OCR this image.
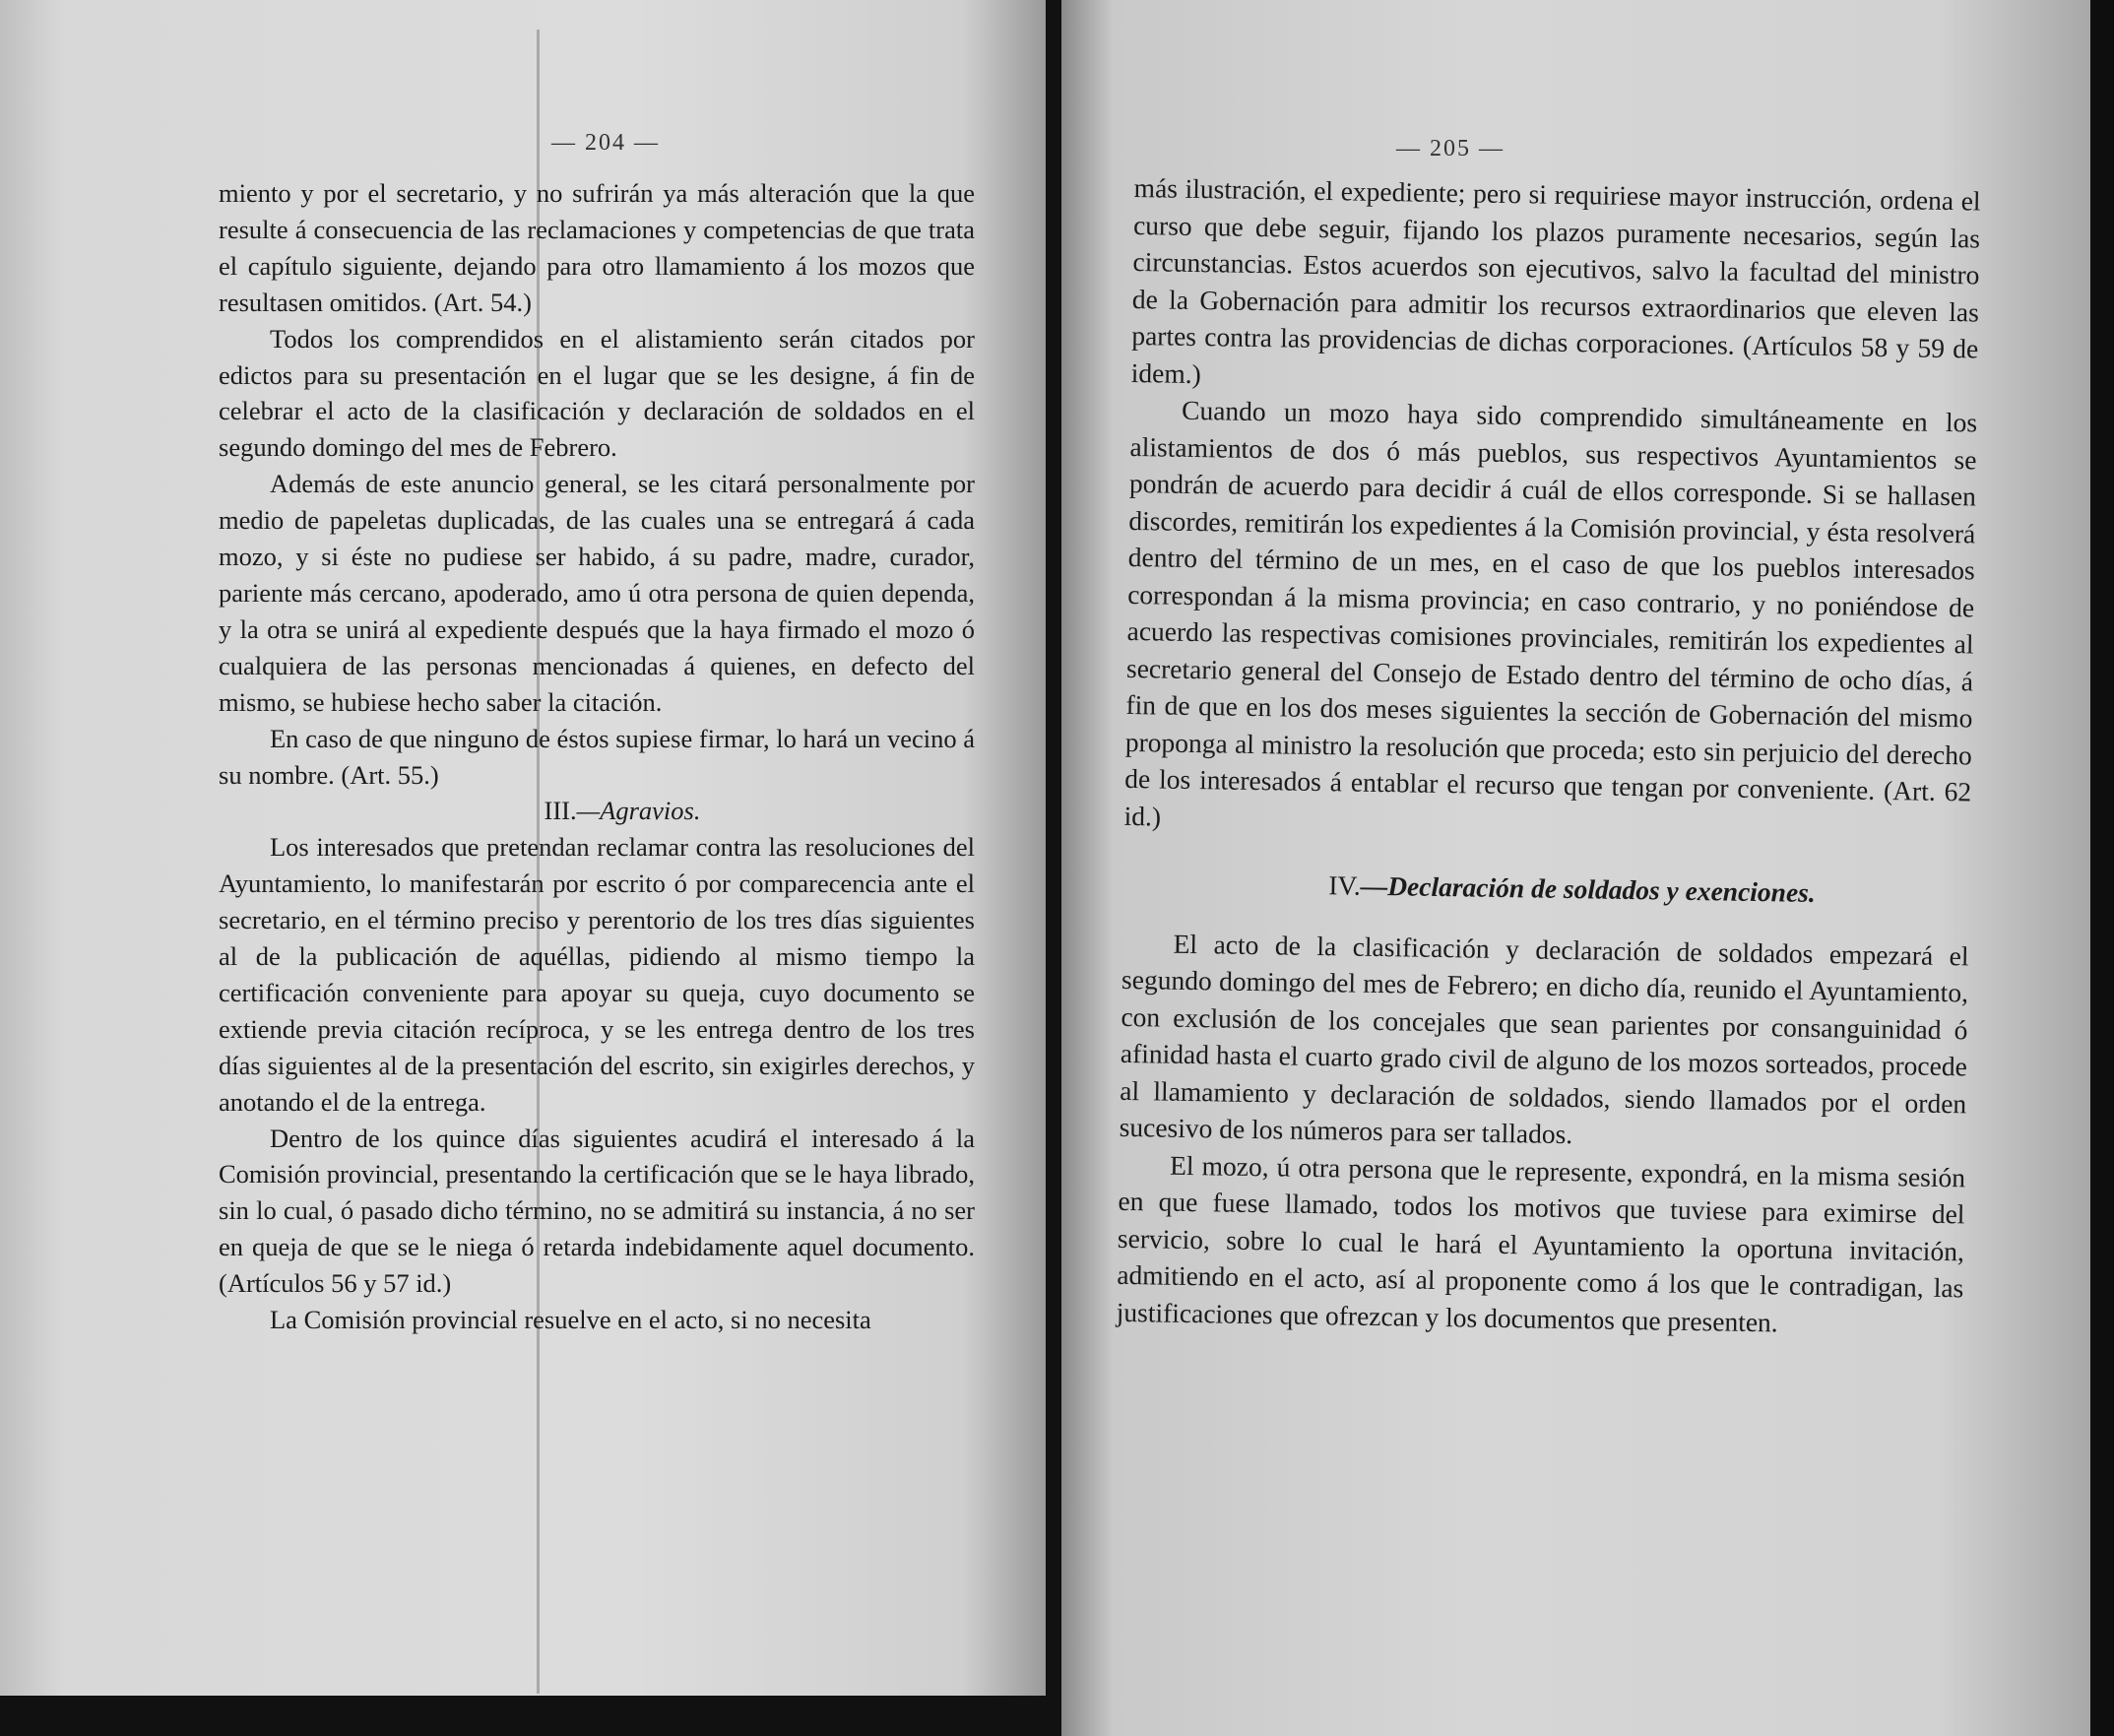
— 204 —

miento y por el secretario, y no sufrirán ya más alteración que la que resulte á consecuencia de las reclamaciones y competencias de que trata el capítulo siguiente, dejando para otro llamamiento á los mozos que resultasen omitidos. (Art. 54.)

Todos los comprendidos en el alistamiento serán citados por edictos para su presentación en el lugar que se les designe, á fin de celebrar el acto de la clasificación y declaración de soldados en el segundo domingo del mes de Febrero.

Además de este anuncio general, se les citará personalmente por medio de papeletas duplicadas, de las cuales una se entregará á cada mozo, y si éste no pudiese ser habido, á su padre, madre, curador, pariente más cercano, apoderado, amo ú otra persona de quien dependa, y la otra se unirá al expediente después que la haya firmado el mozo ó cualquiera de las personas mencionadas á quienes, en defecto del mismo, se hubiese hecho saber la citación.

En caso de que ninguno de éstos supiese firmar, lo hará un vecino á su nombre. (Art. 55.)

III.—Agravios.

Los interesados que pretendan reclamar contra las resoluciones del Ayuntamiento, lo manifestarán por escrito ó por comparecencia ante el secretario, en el término preciso y perentorio de los tres días siguientes al de la publicación de aquéllas, pidiendo al mismo tiempo la certificación conveniente para apoyar su queja, cuyo documento se extiende previa citación recíproca, y se les entrega dentro de los tres días siguientes al de la presentación del escrito, sin exigirles derechos, y anotando el de la entrega.

Dentro de los quince días siguientes acudirá el interesado á la Comisión provincial, presentando la certificación que se le haya librado, sin lo cual, ó pasado dicho término, no se admitirá su instancia, á no ser en queja de que se le niega ó retarda indebidamente aquel documento. (Artículos 56 y 57 id.)

La Comisión provincial resuelve en el acto, si no necesita

— 205 —

más ilustración, el expediente; pero si requiriese mayor instrucción, ordena el curso que debe seguir, fijando los plazos puramente necesarios, según las circunstancias. Estos acuerdos son ejecutivos, salvo la facultad del ministro de la Gobernación para admitir los recursos extraordinarios que eleven las partes contra las providencias de dichas corporaciones. (Artículos 58 y 59 de idem.)

Cuando un mozo haya sido comprendido simultáneamente en los alistamientos de dos ó más pueblos, sus respectivos Ayuntamientos se pondrán de acuerdo para decidir á cuál de ellos corresponde. Si se hallasen discordes, remitirán los expedientes á la Comisión provincial, y ésta resolverá dentro del término de un mes, en el caso de que los pueblos interesados correspondan á la misma provincia; en caso contrario, y no poniéndose de acuerdo las respectivas comisiones provinciales, remitirán los expedientes al secretario general del Consejo de Estado dentro del término de ocho días, á fin de que en los dos meses siguientes la sección de Gobernación del mismo proponga al ministro la resolución que proceda; esto sin perjuicio del derecho de los interesados á entablar el recurso que tengan por conveniente. (Art. 62 id.)

IV.—Declaración de soldados y exenciones.

El acto de la clasificación y declaración de soldados empezará el segundo domingo del mes de Febrero; en dicho día, reunido el Ayuntamiento, con exclusión de los concejales que sean parientes por consanguinidad ó afinidad hasta el cuarto grado civil de alguno de los mozos sorteados, procede al llamamiento y declaración de soldados, siendo llamados por el orden sucesivo de los números para ser tallados.

El mozo, ú otra persona que le represente, expondrá, en la misma sesión en que fuese llamado, todos los motivos que tuviese para eximirse del servicio, sobre lo cual le hará el Ayuntamiento la oportuna invitación, admitiendo en el acto, así al proponente como á los que le contradigan, las justificaciones que ofrezcan y los documentos que presenten.
